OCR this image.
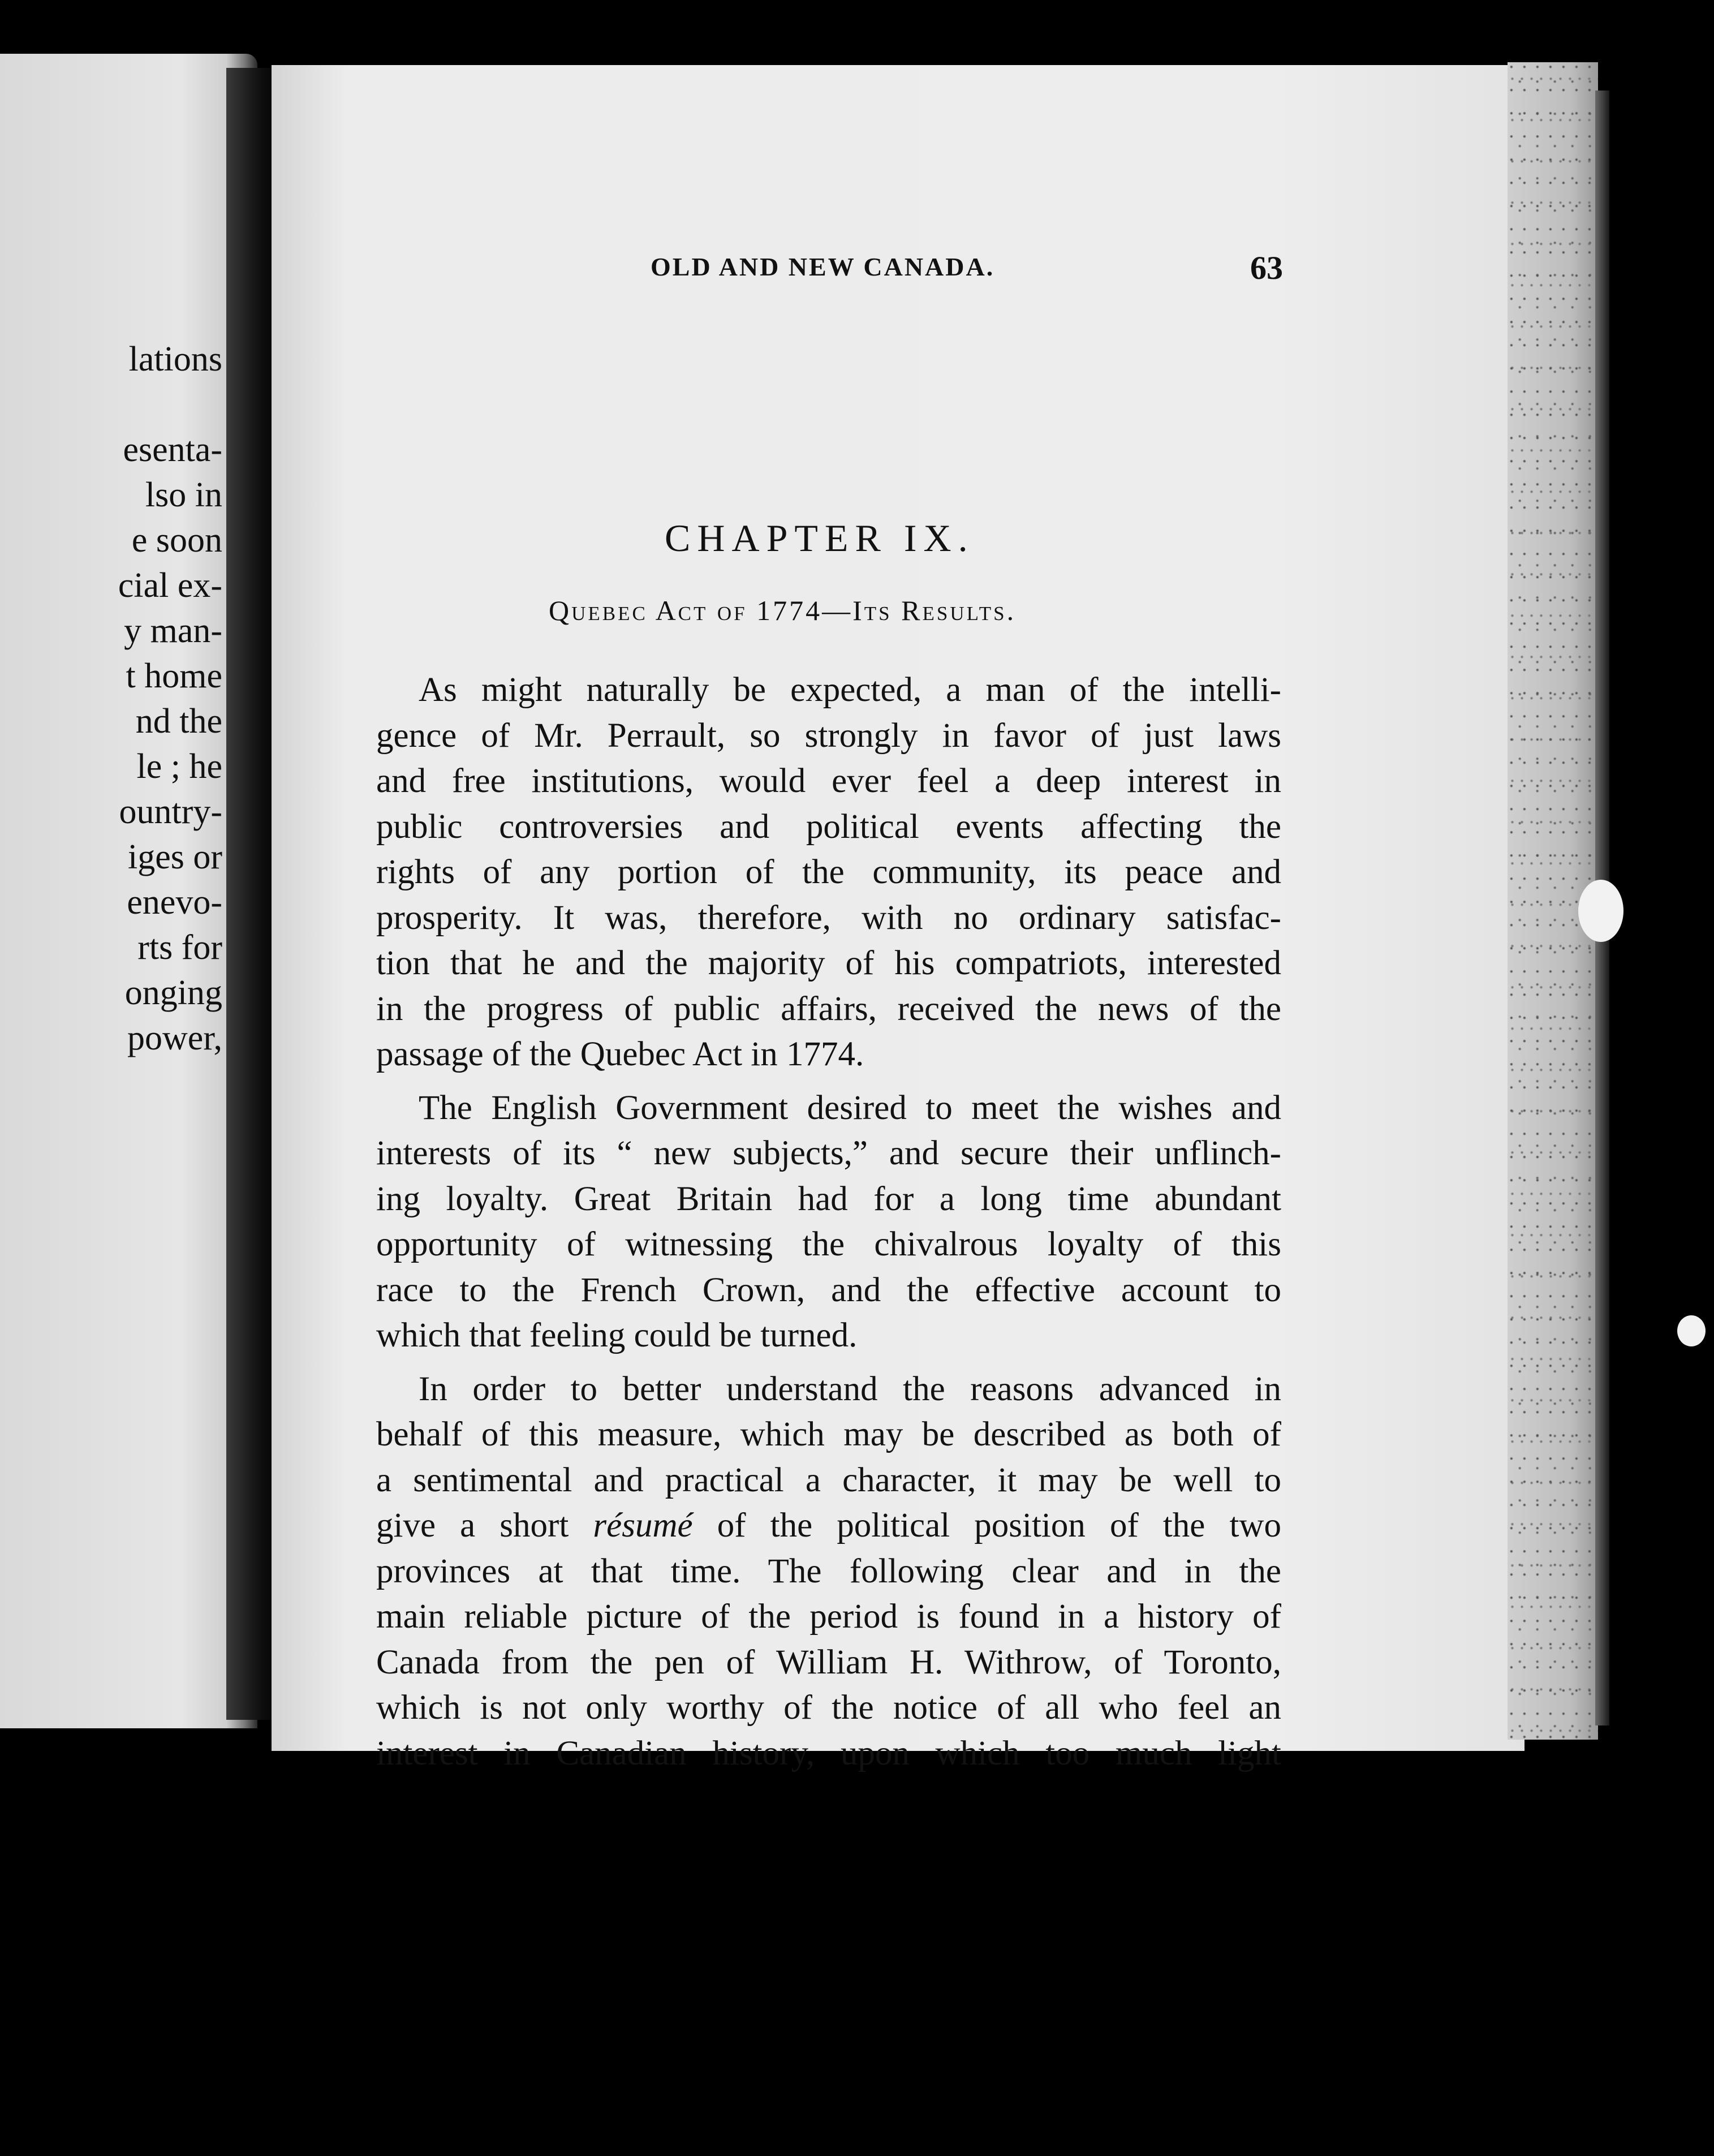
lations
esenta-
lso in
e soon
cial ex-
y man-
t home
nd the
le ; he
ountry-
iges or
enevo-
rts for
onging
power,
OLD AND NEW CANADA.	63
CHAPTER IX.
Quebec Act of 1774—Its Results.
As might naturally be expected, a man of the intelli-
gence of Mr. Perrault, so strongly in favor of just laws
and free institutions, would ever feel a deep interest in
public controversies and political events affecting the
rights of any portion of the community, its peace and
prosperity. It was, therefore, with no ordinary satisfac-
tion that he and the majority of his compatriots, interested
in the progress of public affairs, received the news of the
passage of the Quebec Act in 1774.
The English Government desired to meet the wishes and
interests of its “ new subjects,” and secure their unflinch-
ing loyalty. Great Britain had for a long time abundant
opportunity of witnessing the chivalrous loyalty of this
race to the French Crown, and the effective account to
which that feeling could be turned.
In order to better understand the reasons advanced in
behalf of this measure, which may be described as both of
a sentimental and practical a character, it may be well to
give a short résumé of the political position of the two
provinces at that time. The following clear and in the
main reliable picture of the period is found in a history of
Canada from the pen of William H. Withrow, of Toronto,
which is not only worthy of the notice of all who feel an
interest in Canadian history, upon which too much light
